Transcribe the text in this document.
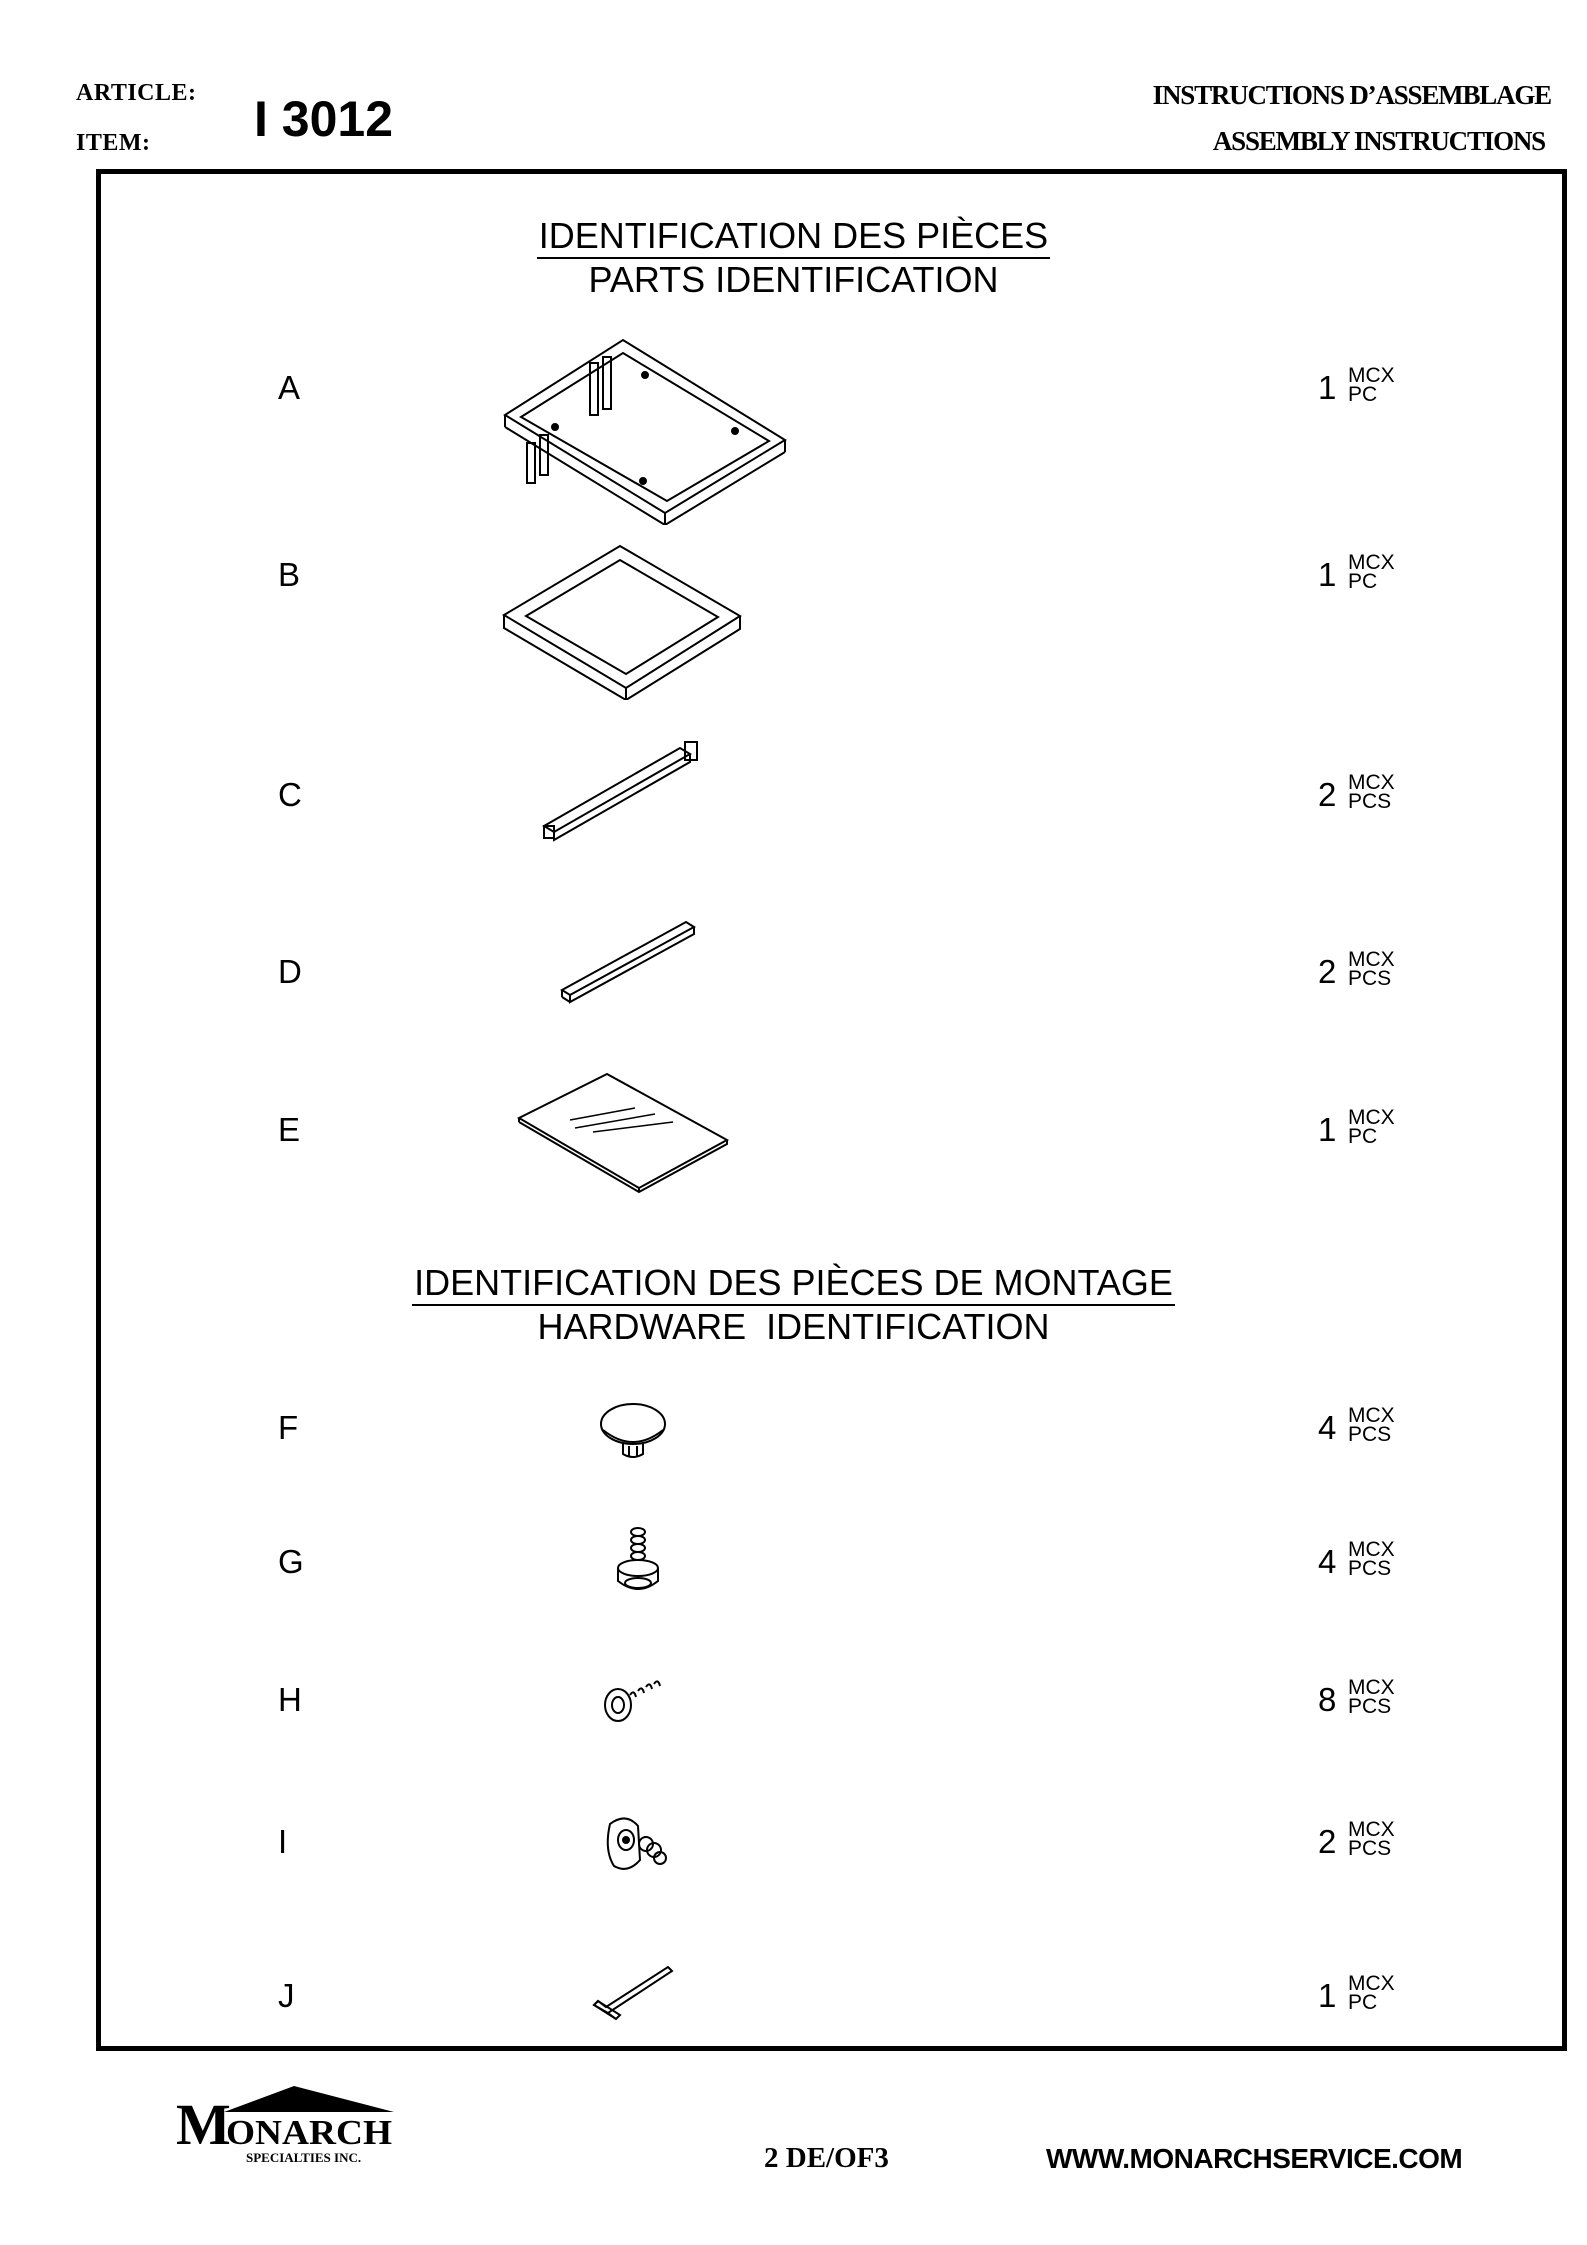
ARTICLE:
ITEM: I 3012	INSTRUCTIONS D’ASSEMBLAGE
ASSEMBLY INSTRUCTIONS
IDENTIFICATION DES PIÈCES
PARTS IDENTIFICATION
A	1 MCX
PC
B	1 MCX
PC
C	2 MCX
PCS
D	2 MCX
PCS
E	1 MCX
PC
IDENTIFICATION DES PIÈCES DE MONTAGE
HARDWARE  IDENTIFICATION
F	4 MCX
PCS
G	4 MCX
PCS
H	8 MCX
PCS
I	2 MCX
PCS
J	1 MCX
PC
M
ONARCH
SPECIALTIES INC.	2 DE/OF3	WWW.MONARCHSERVICE.COM
